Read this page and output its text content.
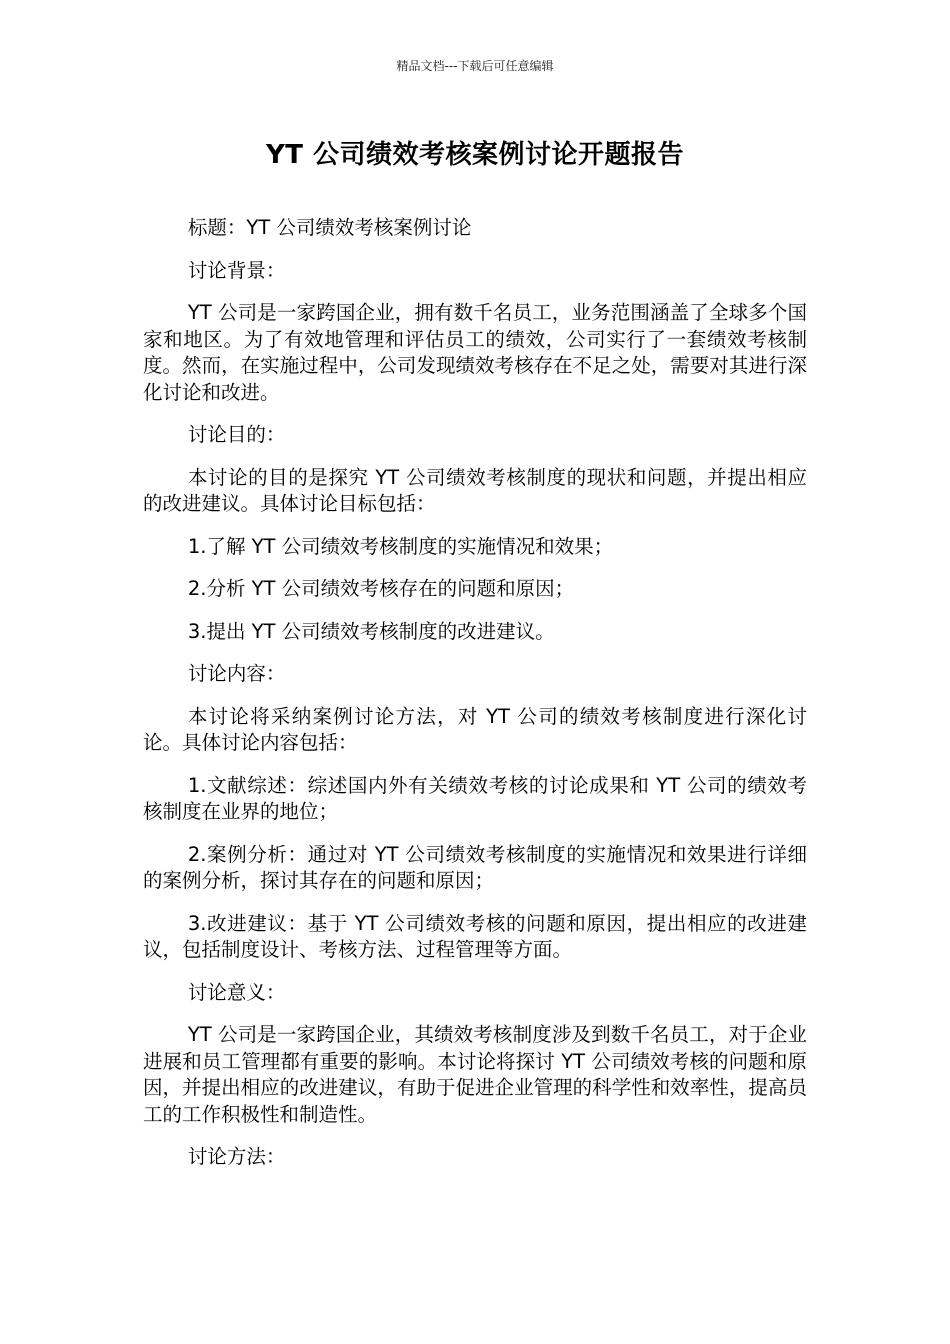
精品文档---下载后可任意编辑
YT 公司绩效考核案例讨论开题报告

标题：YT 公司绩效考核案例讨论

讨论背景：

YT 公司是一家跨国企业，拥有数千名员工，业务范围涵盖了全球多个国家和地区。为了有效地管理和评估员工的绩效，公司实行了一套绩效考核制度。然而，在实施过程中，公司发现绩效考核存在不足之处，需要对其进行深化讨论和改进。

讨论目的：

本讨论的目的是探究 YT 公司绩效考核制度的现状和问题，并提出相应的改进建议。具体讨论目标包括：

1.了解 YT 公司绩效考核制度的实施情况和效果；

2.分析 YT 公司绩效考核存在的问题和原因；

3.提出 YT 公司绩效考核制度的改进建议。

讨论内容：

本讨论将采纳案例讨论方法，对 YT 公司的绩效考核制度进行深化讨论。具体讨论内容包括：

1.文献综述：综述国内外有关绩效考核的讨论成果和 YT 公司的绩效考核制度在业界的地位；

2.案例分析：通过对 YT 公司绩效考核制度的实施情况和效果进行详细的案例分析，探讨其存在的问题和原因；

3.改进建议：基于 YT 公司绩效考核的问题和原因，提出相应的改进建议，包括制度设计、考核方法、过程管理等方面。

讨论意义：

YT 公司是一家跨国企业，其绩效考核制度涉及到数千名员工，对于企业进展和员工管理都有重要的影响。本讨论将探讨 YT 公司绩效考核的问题和原因，并提出相应的改进建议，有助于促进企业管理的科学性和效率性，提高员工的工作积极性和制造性。

讨论方法：
